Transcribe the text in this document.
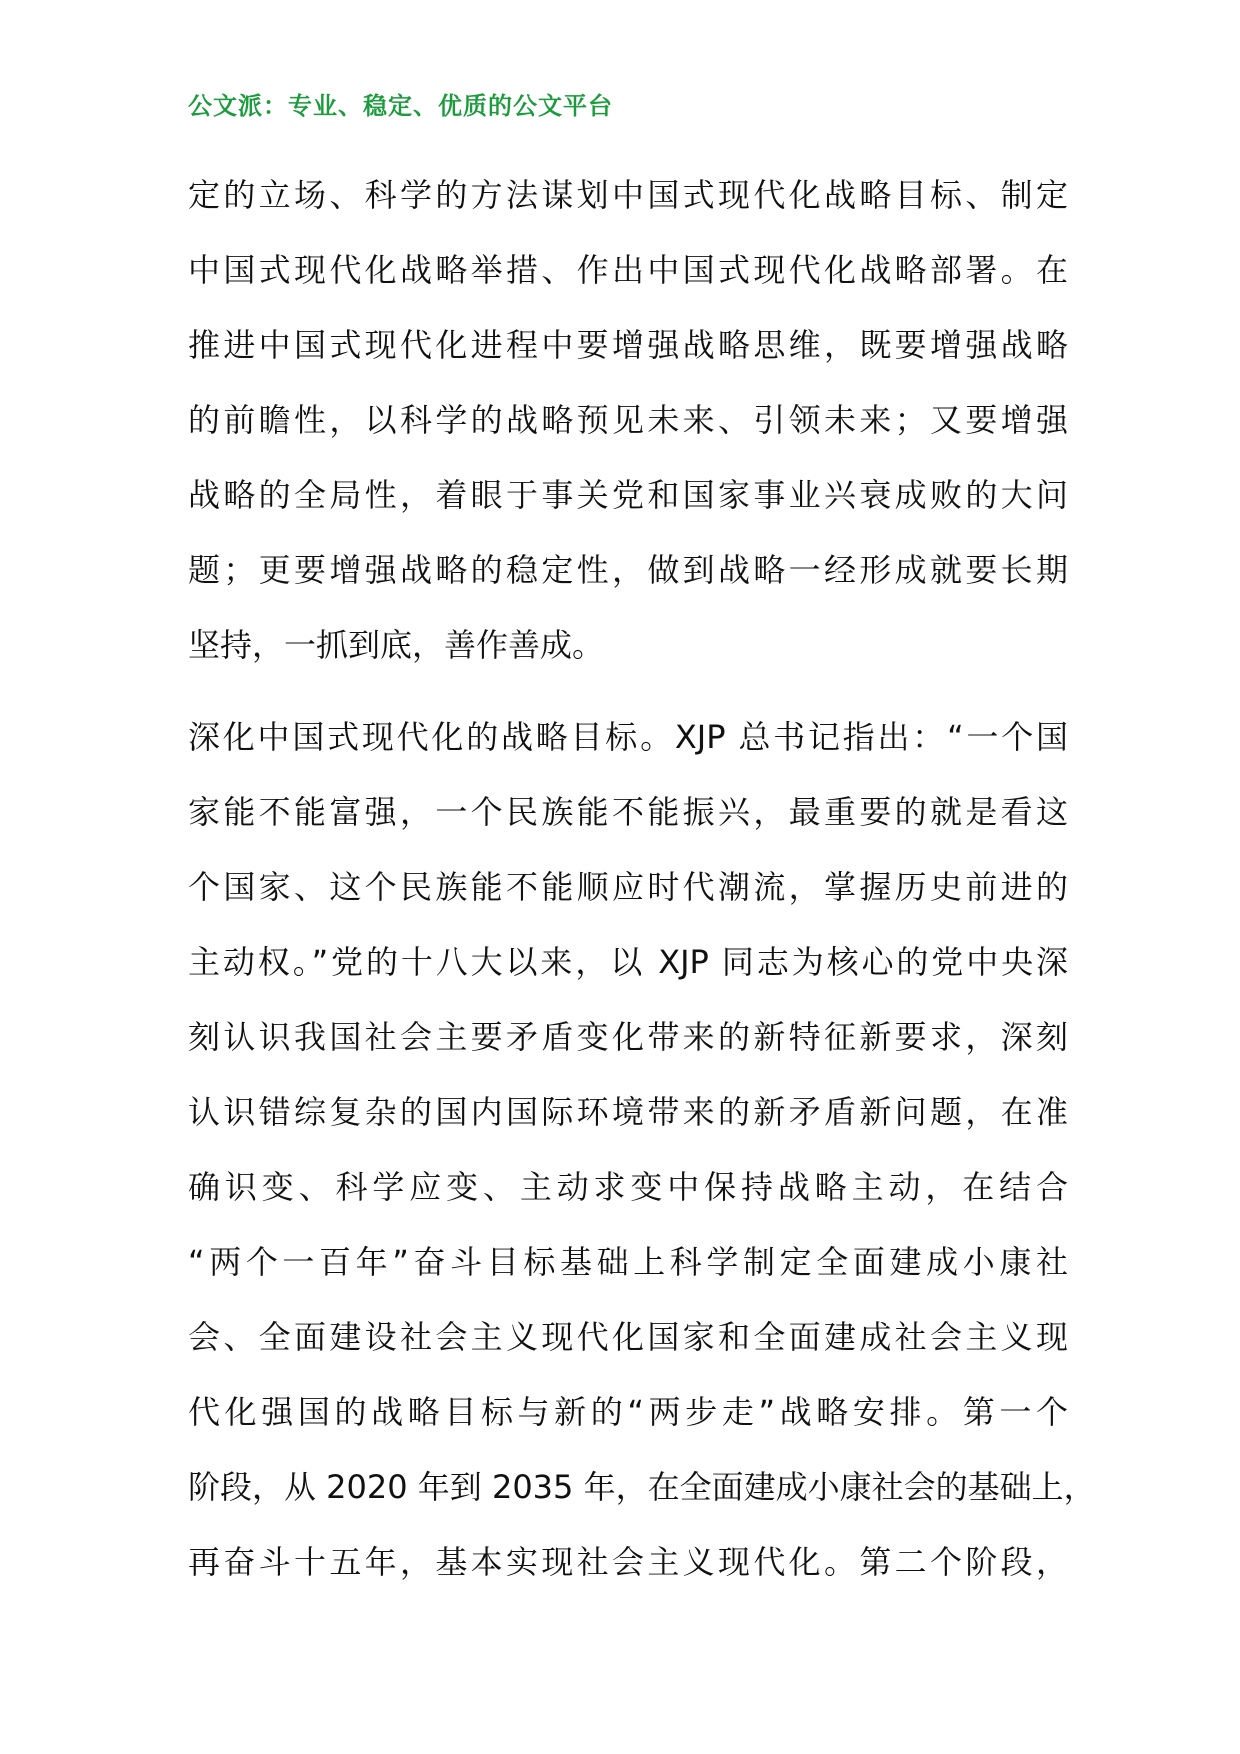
公文派：专业、稳定、优质的公文平台
定的立场、科学的方法谋划中国式现代化战略目标、制定
中国式现代化战略举措、作出中国式现代化战略部署。在
推进中国式现代化进程中要增强战略思维，既要增强战略
的前瞻性，以科学的战略预见未来、引领未来；又要增强
战略的全局性，着眼于事关党和国家事业兴衰成败的大问
题；更要增强战略的稳定性，做到战略一经形成就要长期
坚持，一抓到底，善作善成。
深化中国式现代化的战略目标。XJP 总书记指出：“一个国
家能不能富强，一个民族能不能振兴，最重要的就是看这
个国家、这个民族能不能顺应时代潮流，掌握历史前进的
主动权。”党的十八大以来，以 XJP 同志为核心的党中央深
刻认识我国社会主要矛盾变化带来的新特征新要求，深刻
认识错综复杂的国内国际环境带来的新矛盾新问题，在准
确识变、科学应变、主动求变中保持战略主动，在结合
“两个一百年”奋斗目标基础上科学制定全面建成小康社
会、全面建设社会主义现代化国家和全面建成社会主义现
代化强国的战略目标与新的“两步走”战略安排。第一个
阶段，从 2020 年到 2035 年，在全面建成小康社会的基础上，
再奋斗十五年，基本实现社会主义现代化。第二个阶段，
